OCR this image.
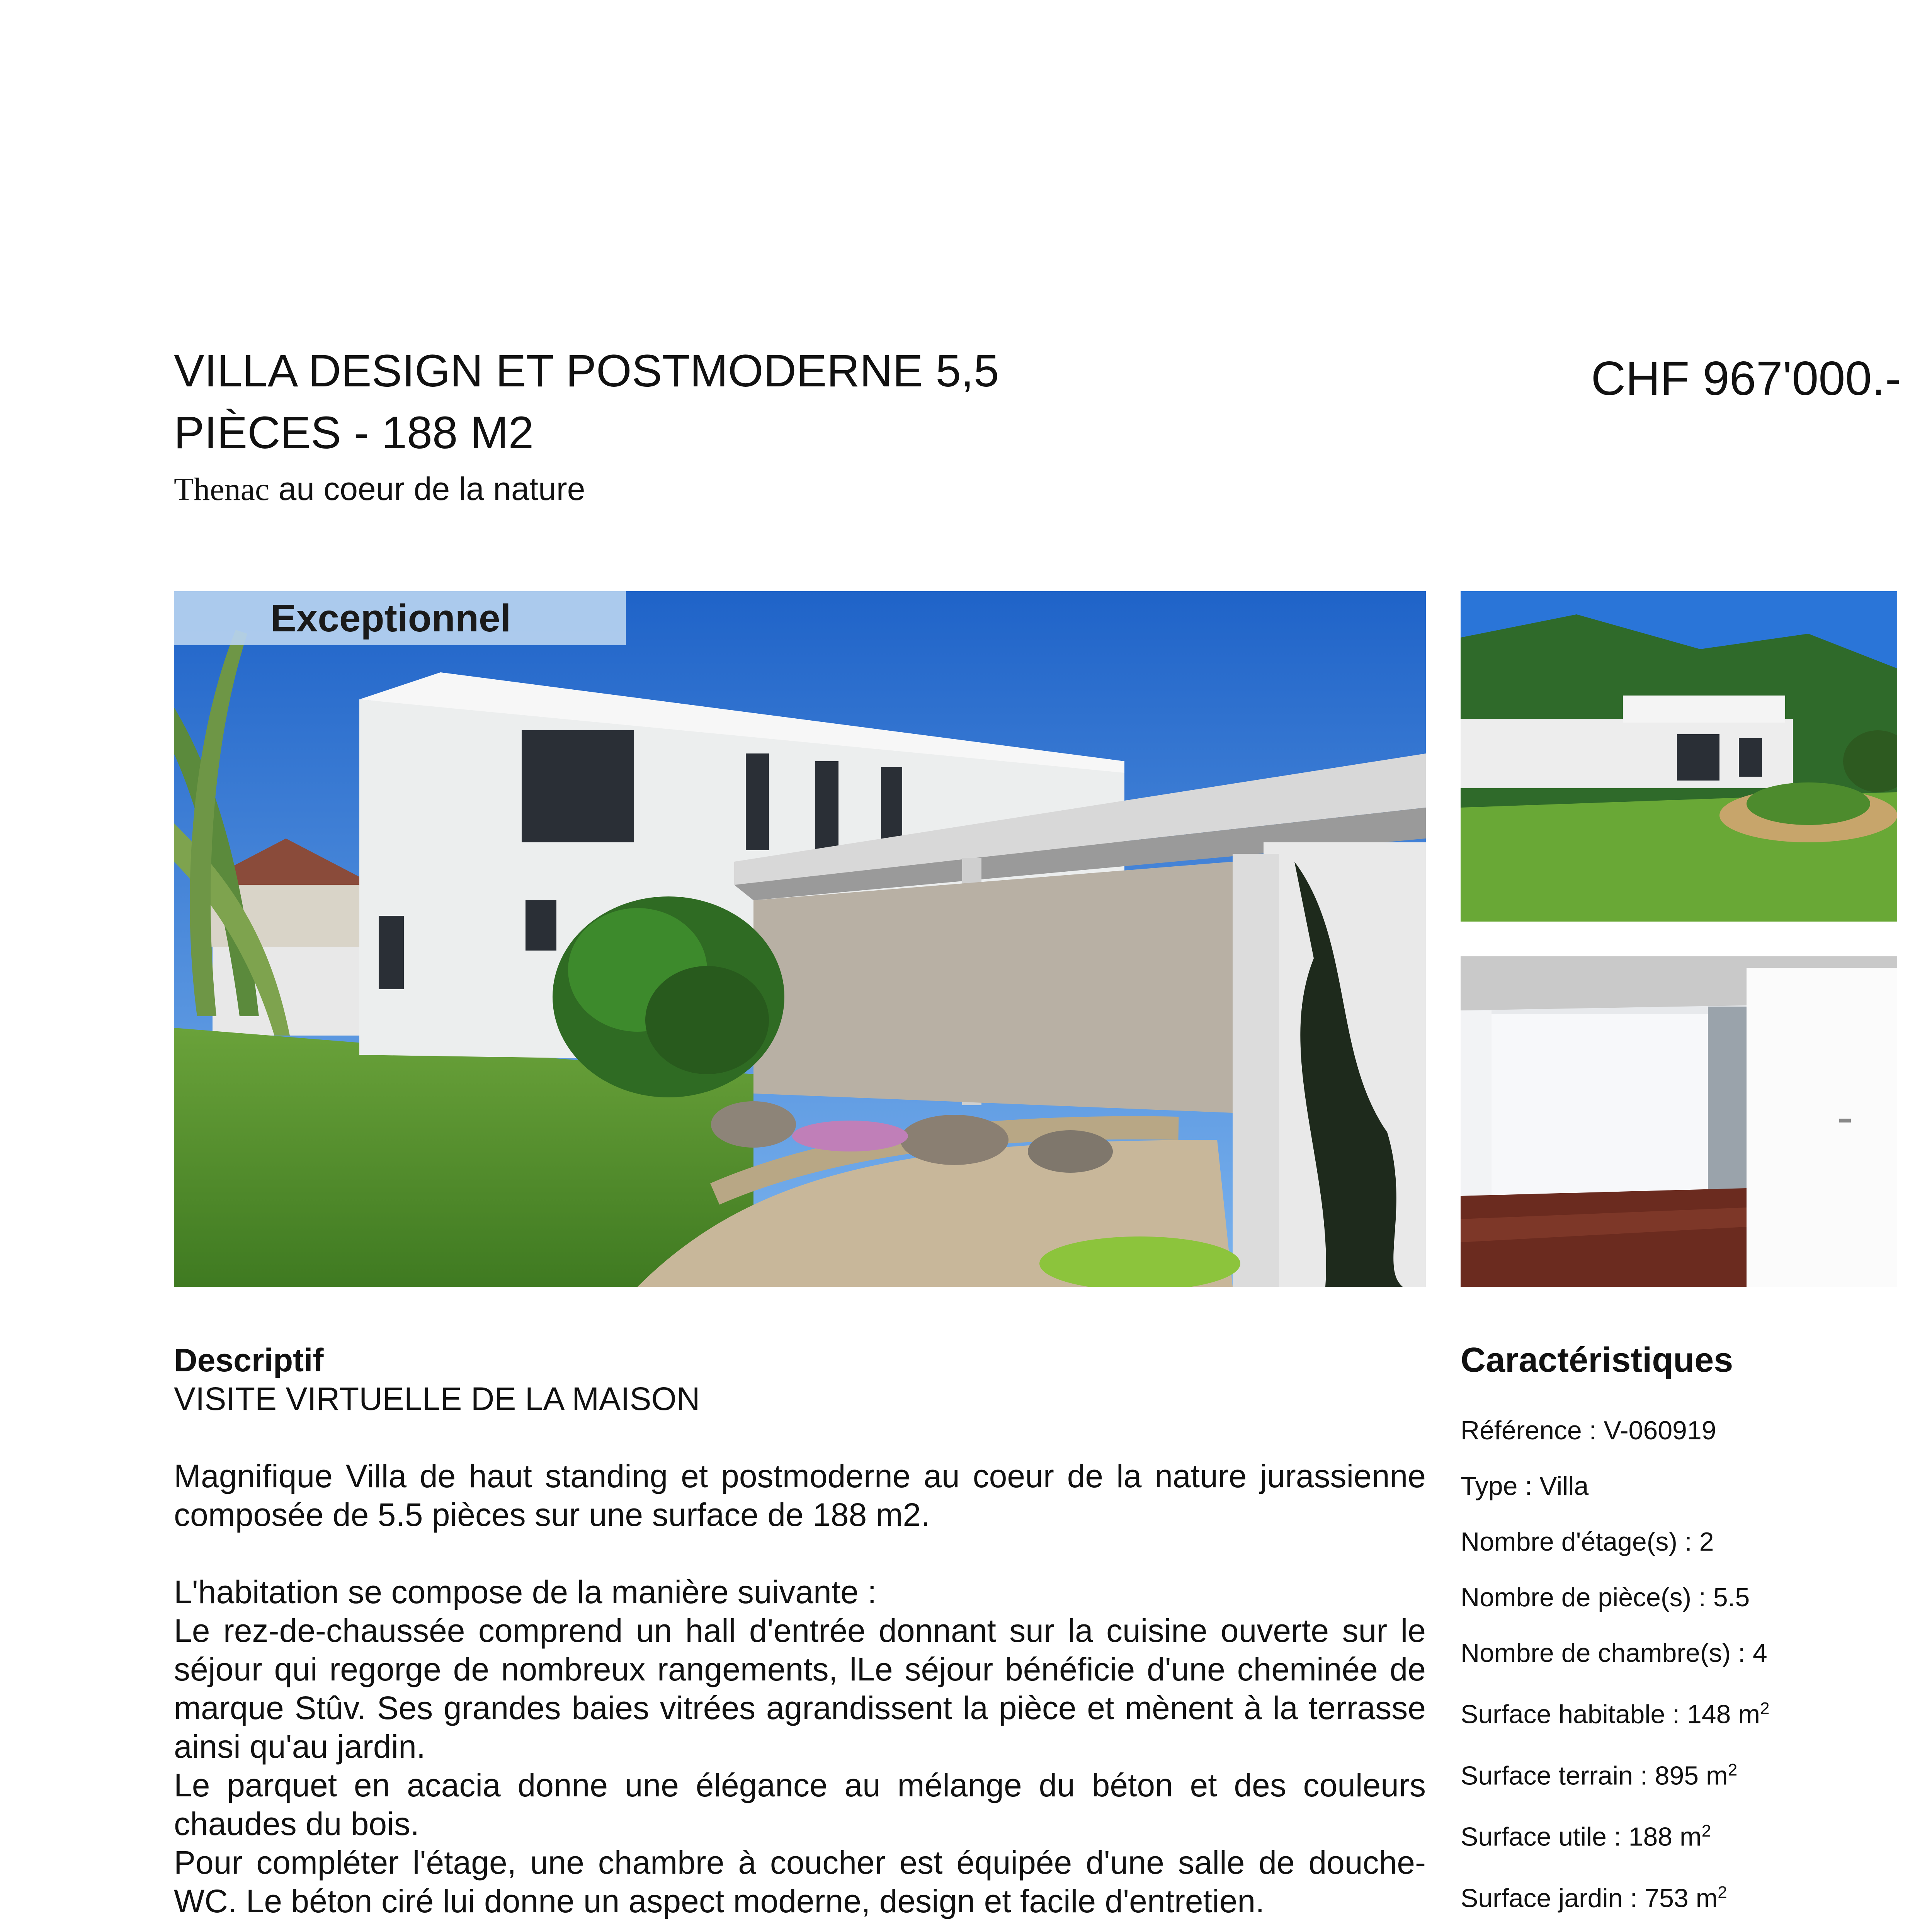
VILLA DESIGN ET POSTMODERNE 5,5 PIÈCES - 188 M2
Thenac au coeur de la nature
CHF 967'000.-
Exceptionnel
Descriptif

VISITE VIRTUELLE DE LA MAISON

Magnifique Villa de haut standing et postmoderne au coeur de la nature jurassienne composée de 5.5 pièces sur une surface de 188 m2.

L'habitation se compose de la manière suivante :

Le rez-de-chaussée comprend un hall d'entrée donnant sur la cuisine ouverte sur le séjour qui regorge de nombreux rangements, lLe séjour bénéficie d'une cheminée de marque Stûv. Ses grandes baies vitrées agrandissent la pièce et mènent à la terrasse ainsi qu'au jardin.

Le parquet en acacia donne une élégance au mélange du béton et des couleurs chaudes du bois.

Pour compléter l'étage, une chambre à coucher est équipée d'une salle de douche-WC. Le béton ciré lui donne un aspect moderne, design et facile d'entretien.

Caractéristiques
Référence : V-060919
Type : Villa
Nombre d'étage(s) : 2
Nombre de pièce(s) : 5.5
Nombre de chambre(s) : 4
Surface habitable : 148 $m^2$
Surface terrain : 895 $m^2$
Surface utile : 188 $m^2$
Surface jardin : 753 $m^2$
